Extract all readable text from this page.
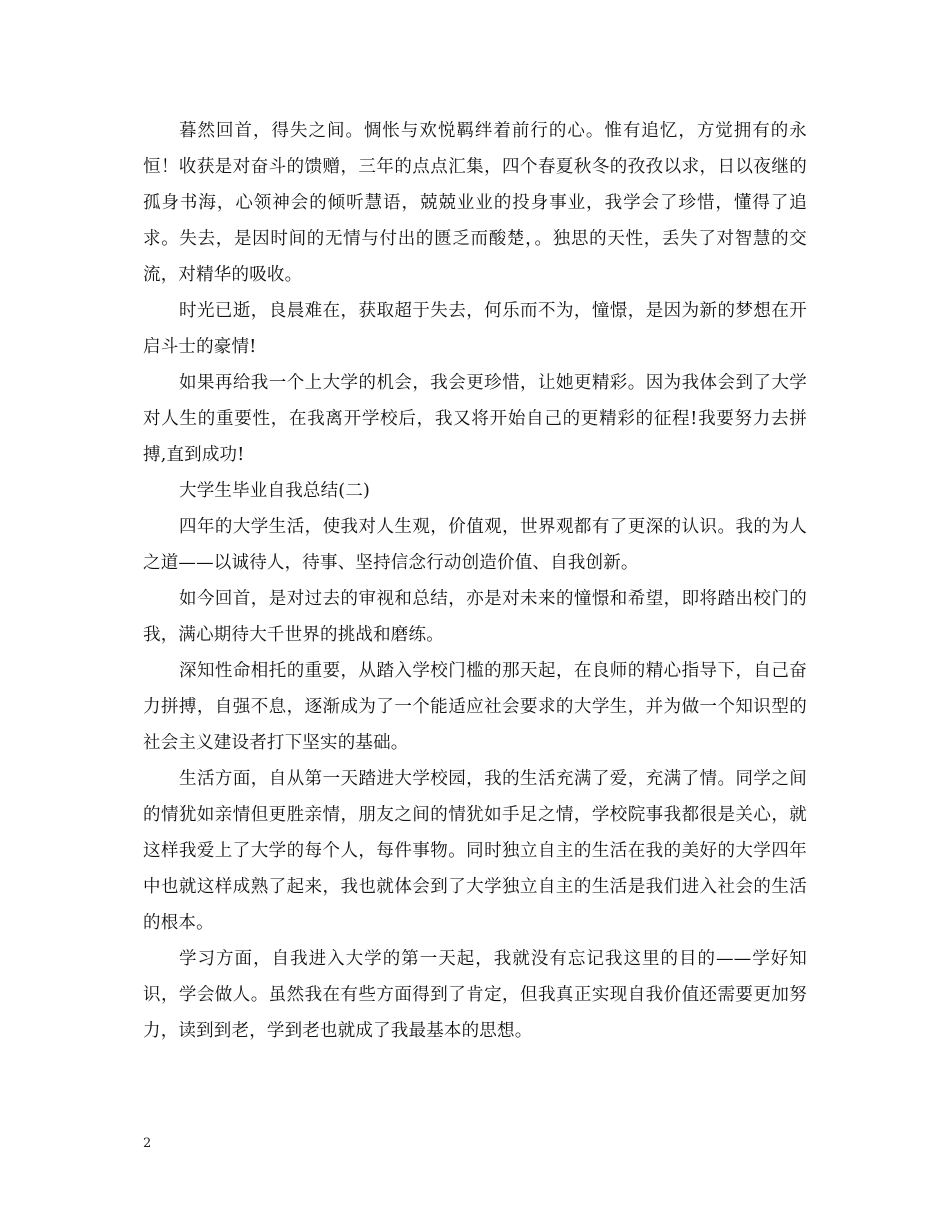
暮然回首，得失之间。惆怅与欢悦羁绊着前行的心。惟有追忆，方觉拥有的永恒！收获是对奋斗的馈赠，三年的点点汇集，四个春夏秋冬的孜孜以求，日以夜继的孤身书海，心领神会的倾听慧语，兢兢业业的投身事业，我学会了珍惜，懂得了追求。失去，是因时间的无情与付出的匮乏而酸楚，。独思的天性，丢失了对智慧的交流，对精华的吸收。

时光已逝，良晨难在，获取超于失去，何乐而不为，憧憬，是因为新的梦想在开启斗士的豪情!

如果再给我一个上大学的机会，我会更珍惜，让她更精彩。因为我体会到了大学对人生的重要性，在我离开学校后，我又将开始自己的更精彩的征程!我要努力去拼搏,直到成功!

大学生毕业自我总结(二)

四年的大学生活，使我对人生观，价值观，世界观都有了更深的认识。我的为人之道——以诚待人，待事、坚持信念行动创造价值、自我创新。

如今回首，是对过去的审视和总结，亦是对未来的憧憬和希望，即将踏出校门的我，满心期待大千世界的挑战和磨练。

深知性命相托的重要，从踏入学校门槛的那天起，在良师的精心指导下，自己奋力拼搏，自强不息，逐渐成为了一个能适应社会要求的大学生，并为做一个知识型的社会主义建设者打下坚实的基础。

生活方面，自从第一天踏进大学校园，我的生活充满了爱，充满了情。同学之间的情犹如亲情但更胜亲情，朋友之间的情犹如手足之情，学校院事我都很是关心，就这样我爱上了大学的每个人，每件事物。同时独立自主的生活在我的美好的大学四年中也就这样成熟了起来，我也就体会到了大学独立自主的生活是我们进入社会的生活的根本。

学习方面，自我进入大学的第一天起，我就没有忘记我这里的目的——学好知识，学会做人。虽然我在有些方面得到了肯定，但我真正实现自我价值还需要更加努力，读到到老，学到老也就成了我最基本的思想。

2
